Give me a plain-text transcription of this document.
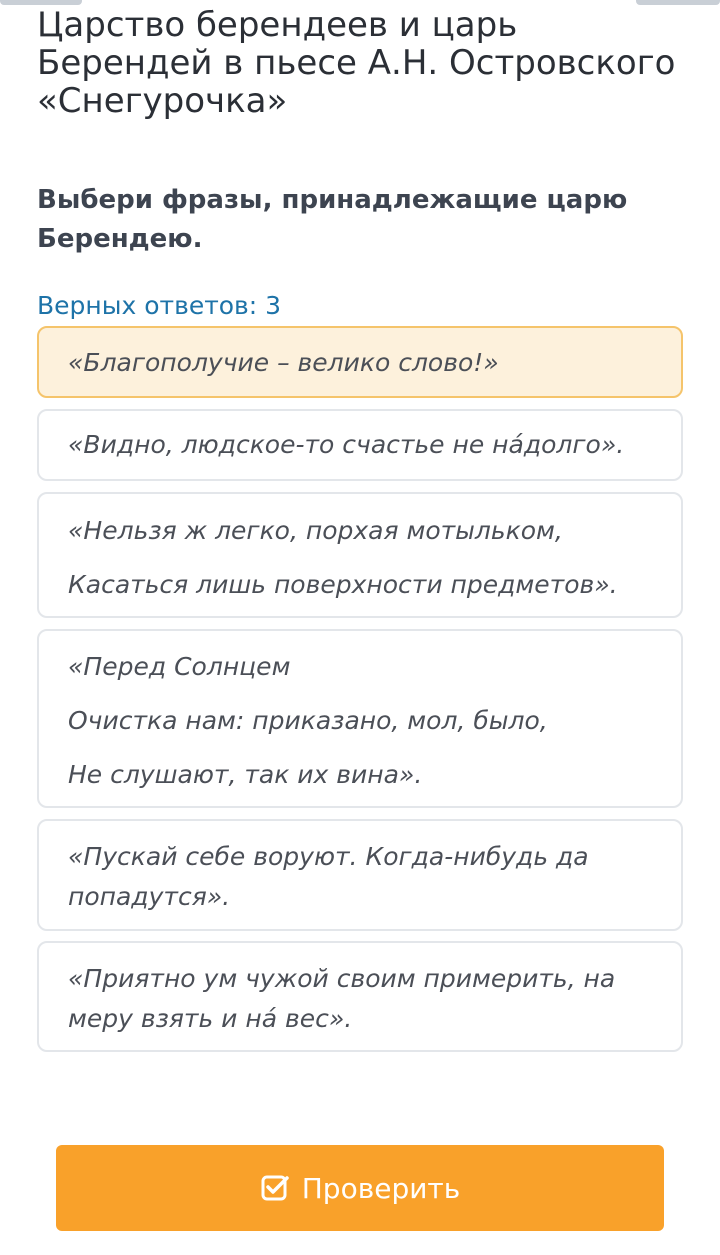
Царство берендеев и царь Берендей в пьесе А.Н. Островского «Снегурочка»

Выбери фразы, принадлежащие царю Берендею.

Верных ответов: 3
«Благополучие – велико слово!»
«Видно, людское-то счастье не нáдолго».
«Нельзя ж легко, порхая мотыльком,
Касаться лишь поверхности предметов».
«Перед Солнцем
Очистка нам: приказано, мол, было,
Не слушают, так их вина».
«Пускай себе воруют. Когда-нибудь да
попадутся».
«Приятно ум чужой своим примерить, на
меру взять и нá вес».
Проверить
